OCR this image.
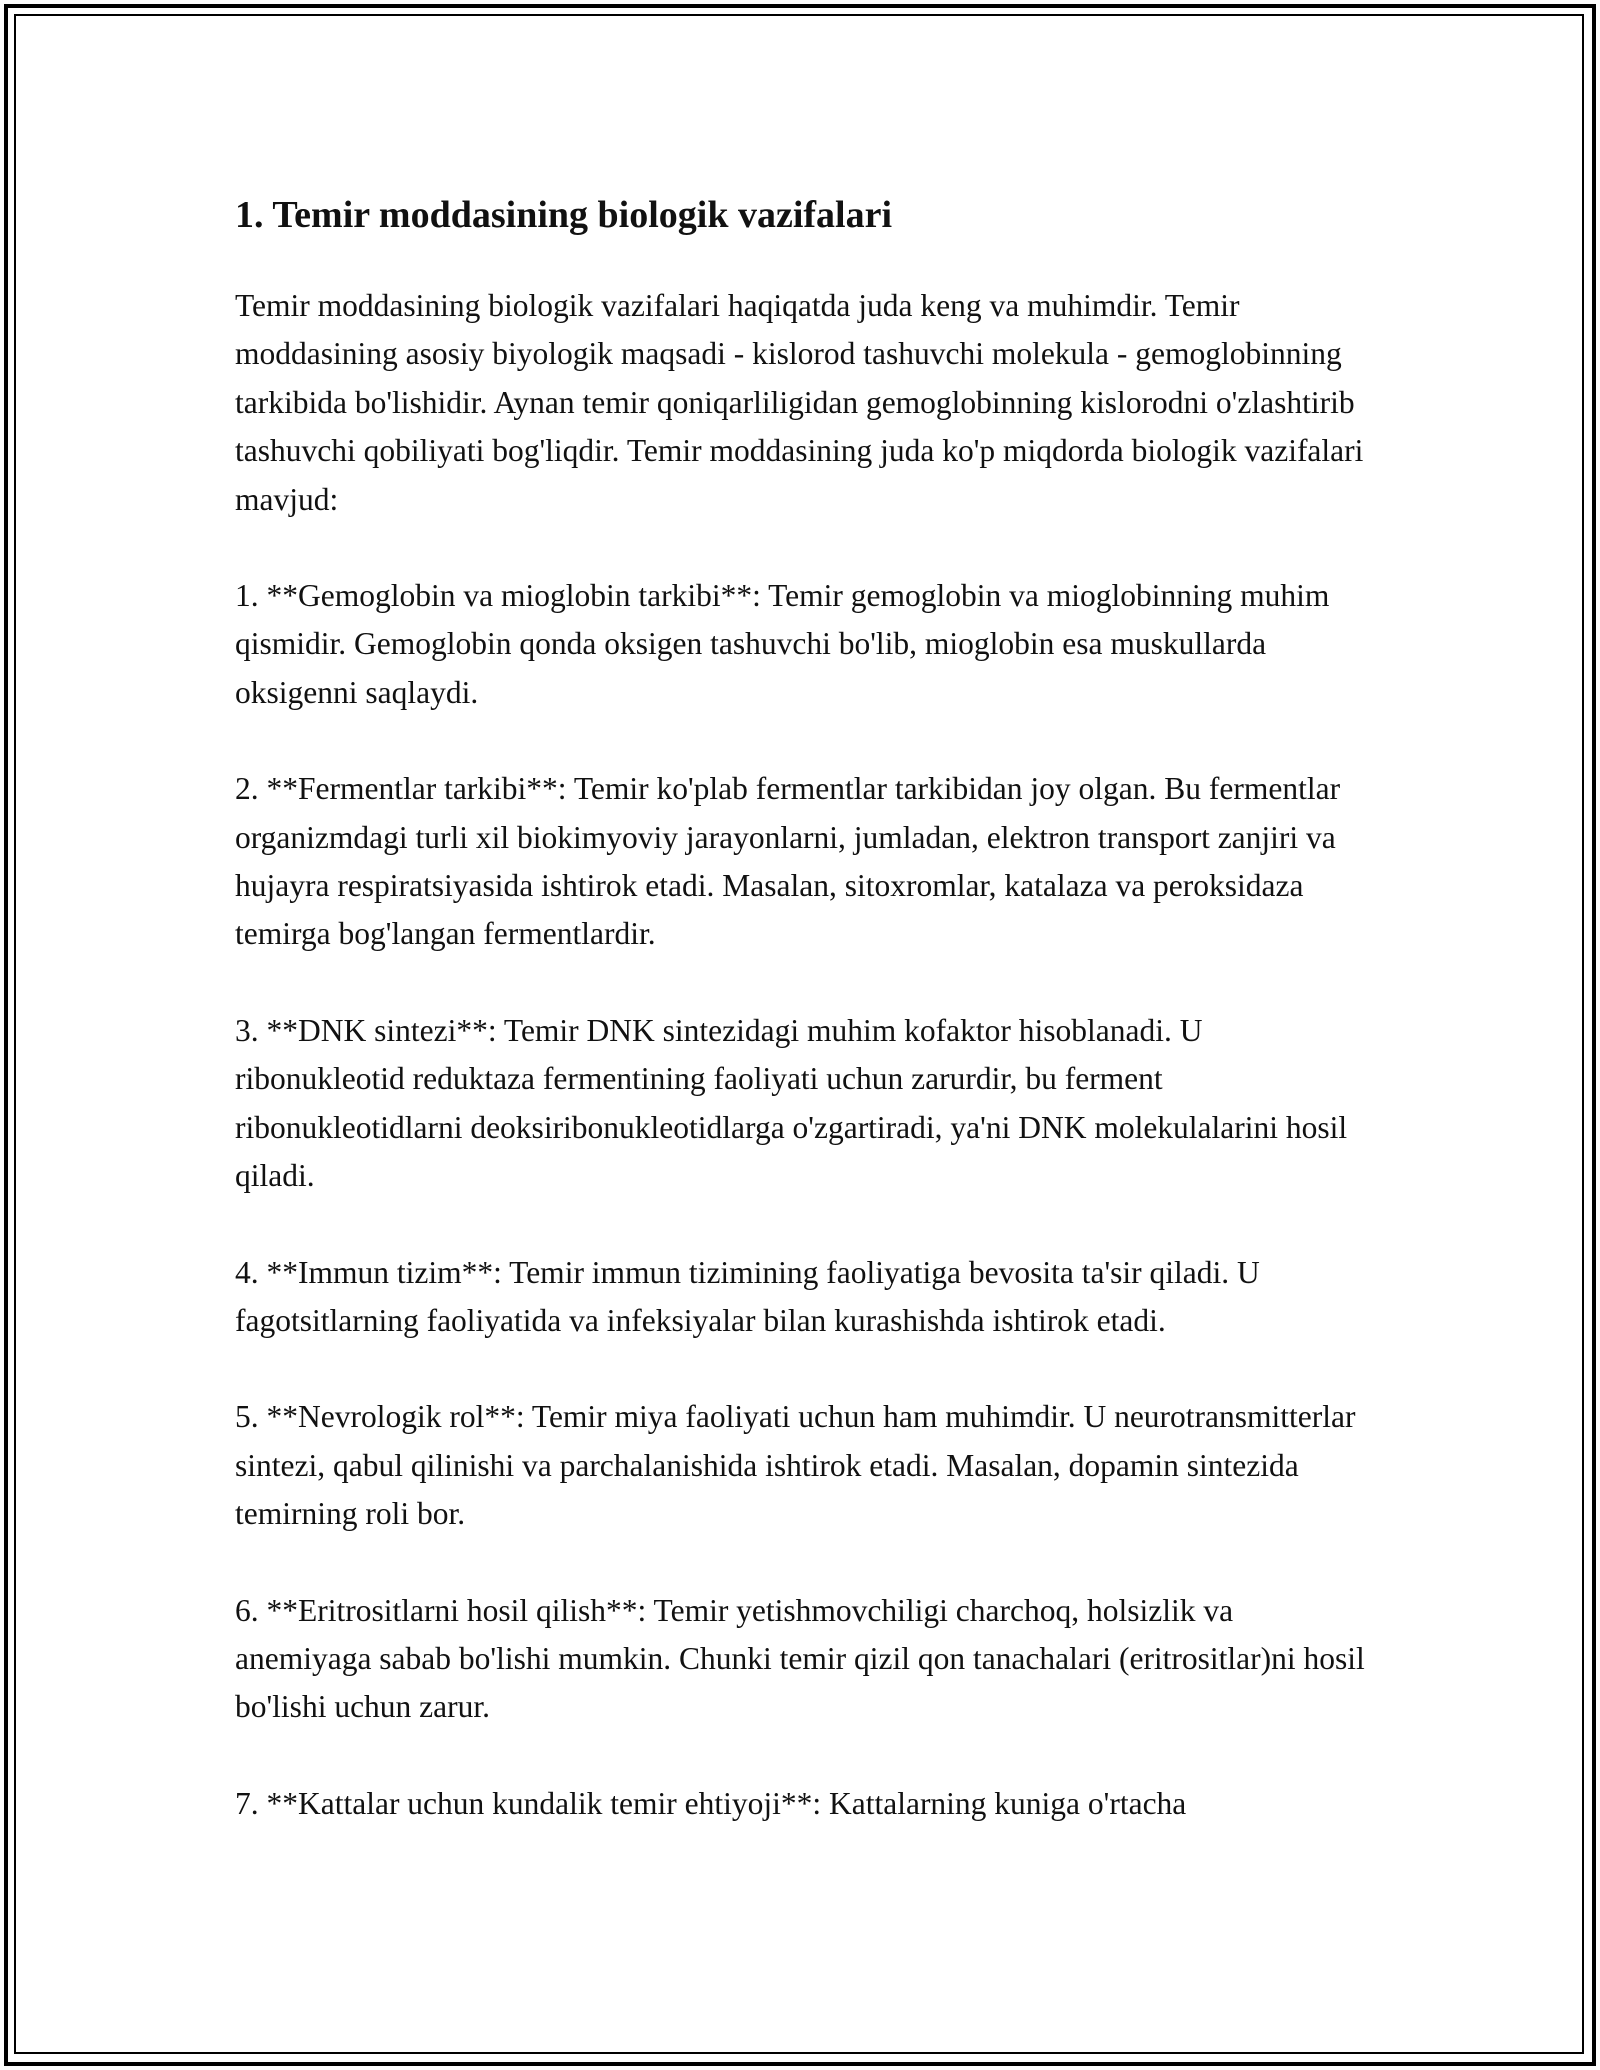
1. Temir moddasining biologik vazifalari

Temir moddasining biologik vazifalari haqiqatda juda keng va muhimdir. Temir moddasining asosiy biyologik maqsadi - kislorod tashuvchi molekula - gemoglobinning tarkibida bo'lishidir. Aynan temir qoniqarliligidan gemoglobinning kislorodni o'zlashtirib tashuvchi qobiliyati bog'liqdir. Temir moddasining juda ko'p miqdorda biologik vazifalari mavjud:

1. **Gemoglobin va mioglobin tarkibi**: Temir gemoglobin va mioglobinning muhim qismidir. Gemoglobin qonda oksigen tashuvchi bo'lib, mioglobin esa muskullarda oksigenni saqlaydi.

2. **Fermentlar tarkibi**: Temir ko'plab fermentlar tarkibidan joy olgan. Bu fermentlar organizmdagi turli xil biokimyoviy jarayonlarni, jumladan, elektron transport zanjiri va hujayra respiratsiyasida ishtirok etadi. Masalan, sitoxromlar, katalaza va peroksidaza temirga bog'langan fermentlardir.

3. **DNK sintezi**: Temir DNK sintezidagi muhim kofaktor hisoblanadi. U ribonukleotid reduktaza fermentining faoliyati uchun zarurdir, bu ferment ribonukleotidlarni deoksiribonukleotidlarga o'zgartiradi, ya'ni DNK molekulalarini hosil qiladi.

4. **Immun tizim**: Temir immun tizimining faoliyatiga bevosita ta'sir qiladi. U fagotsitlarning faoliyatida va infeksiyalar bilan kurashishda ishtirok etadi.

5. **Nevrologik rol**: Temir miya faoliyati uchun ham muhimdir. U neurotransmitterlar sintezi, qabul qilinishi va parchalanishida ishtirok etadi. Masalan, dopamin sintezida temirning roli bor.

6. **Eritrositlarni hosil qilish**: Temir yetishmovchiligi charchoq, holsizlik va anemiyaga sabab bo'lishi mumkin. Chunki temir qizil qon tanachalari (eritrositlar)ni hosil bo'lishi uchun zarur.

7. **Kattalar uchun kundalik temir ehtiyoji**: Kattalarning kuniga o'rtacha
